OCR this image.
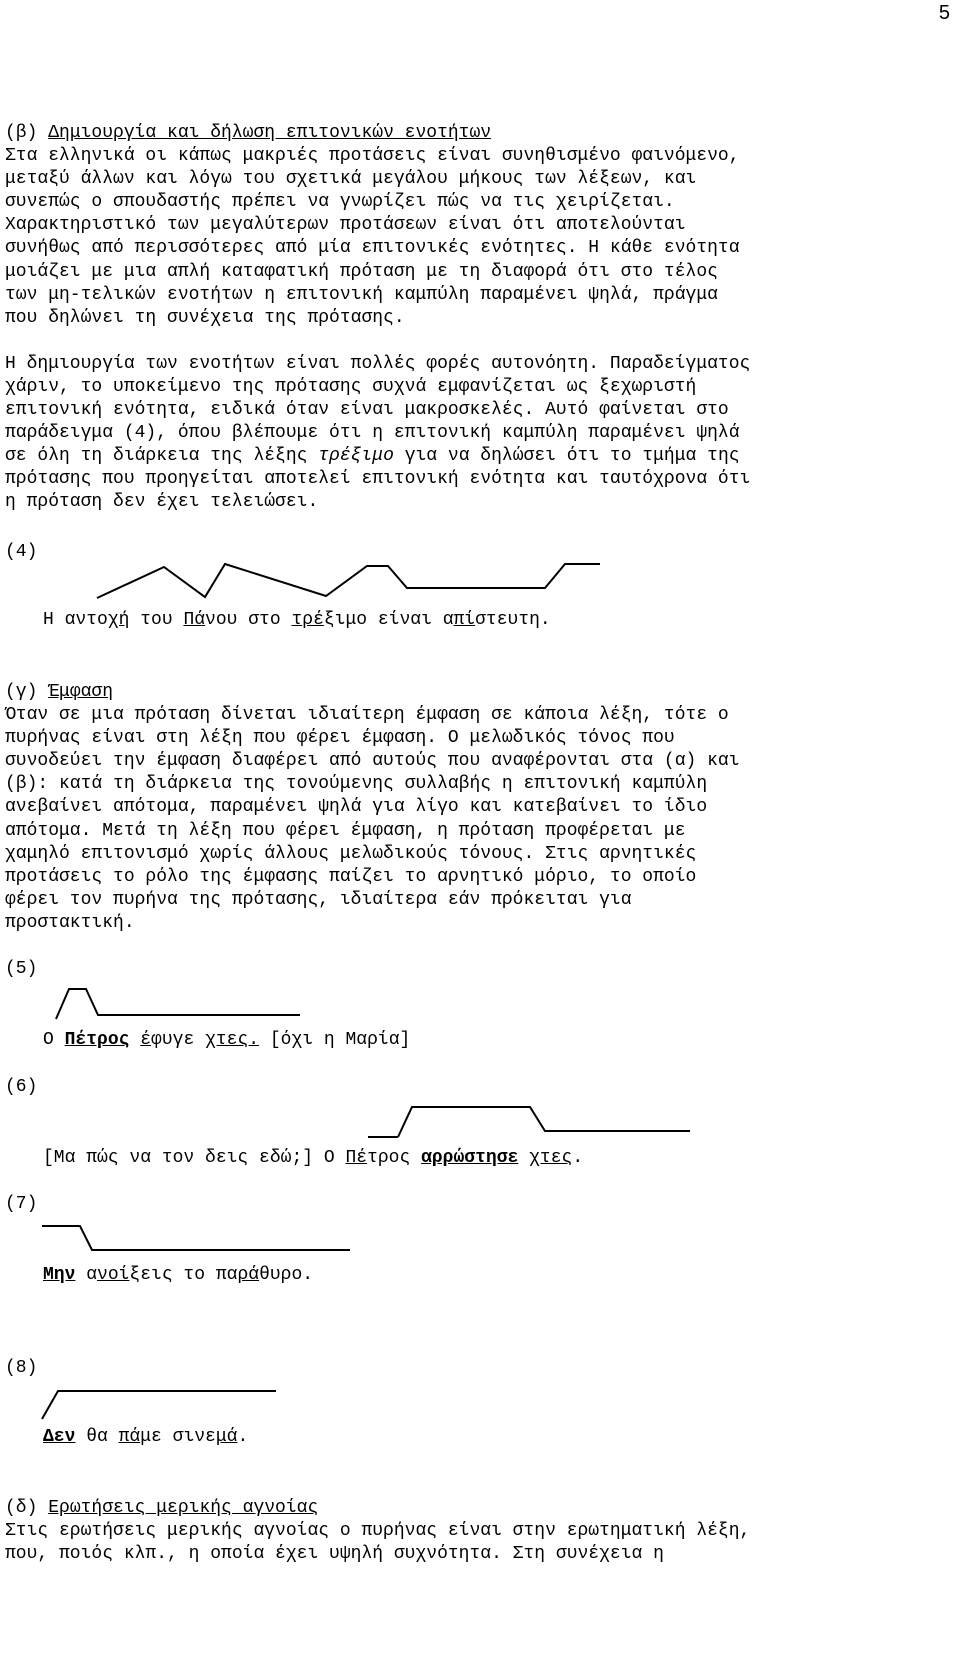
5
(β) Δημιουργία και δήλωση επιτονικών ενοτήτων
Στα ελληνικά οι κάπως μακριές προτάσεις είναι συνηθισμένο φαινόμενο,
μεταξύ άλλων και λόγω του σχετικά μεγάλου μήκους των λέξεων, και
συνεπώς ο σπουδαστής πρέπει να γνωρίζει πώς να τις χειρίζεται.
Χαρακτηριστικό των μεγαλύτερων προτάσεων είναι ότι αποτελούνται
συνήθως από περισσότερες από μία επιτονικές ενότητες. Η κάθε ενότητα
μοιάζει με μια απλή καταφατική πρόταση με τη διαφορά ότι στο τέλος
των μη-τελικών ενοτήτων η επιτονική καμπύλη παραμένει ψηλά, πράγμα
που δηλώνει τη συνέχεια της πρότασης.
Η δημιουργία των ενοτήτων είναι πολλές φορές αυτονόητη. Παραδείγματος
χάριν, το υποκείμενο της πρότασης συχνά εμφανίζεται ως ξεχωριστή
επιτονική ενότητα, ειδικά όταν είναι μακροσκελές. Αυτό φαίνεται στο
παράδειγμα (4), όπου βλέπουμε ότι η επιτονική καμπύλη παραμένει ψηλά
σε όλη τη διάρκεια της λέξης τρέξιμο για να δηλώσει ότι το τμήμα της
πρότασης που προηγείται αποτελεί επιτονική ενότητα και ταυτόχρονα ότι
η πρόταση δεν έχει τελειώσει.
(4)
Η αντοχή του Πάνου στο τρέξιμο είναι απίστευτη.
(γ) Έμφαση
Όταν σε μια πρόταση δίνεται ιδιαίτερη έμφαση σε κάποια λέξη, τότε ο
πυρήνας είναι στη λέξη που φέρει έμφαση. Ο μελωδικός τόνος που
συνοδεύει την έμφαση διαφέρει από αυτούς που αναφέρονται στα (α) και
(β): κατά τη διάρκεια της τονούμενης συλλαβής η επιτονική καμπύλη
ανεβαίνει απότομα, παραμένει ψηλά για λίγο και κατεβαίνει το ίδιο
απότομα. Μετά τη λέξη που φέρει έμφαση, η πρόταση προφέρεται με
χαμηλό επιτονισμό χωρίς άλλους μελωδικούς τόνους. Στις αρνητικές
προτάσεις το ρόλο της έμφασης παίζει το αρνητικό μόριο, το οποίο
φέρει τον πυρήνα της πρότασης, ιδιαίτερα εάν πρόκειται για
προστακτική.
(5)
Ο Πέτρος έφυγε χτες. [όχι η Μαρία]
(6)
[Μα πώς να τον δεις εδώ;] Ο Πέτρος αρρώστησε χτες.
(7)
Μην ανοίξεις το παράθυρο.
(8)
Δεν θα πάμε σινεμά.
(δ) Ερωτήσεις μερικής αγνοίας
Στις ερωτήσεις μερικής αγνοίας ο πυρήνας είναι στην ερωτηματική λέξη,
που, ποιός κλπ., η οποία έχει υψηλή συχνότητα. Στη συνέχεια η
